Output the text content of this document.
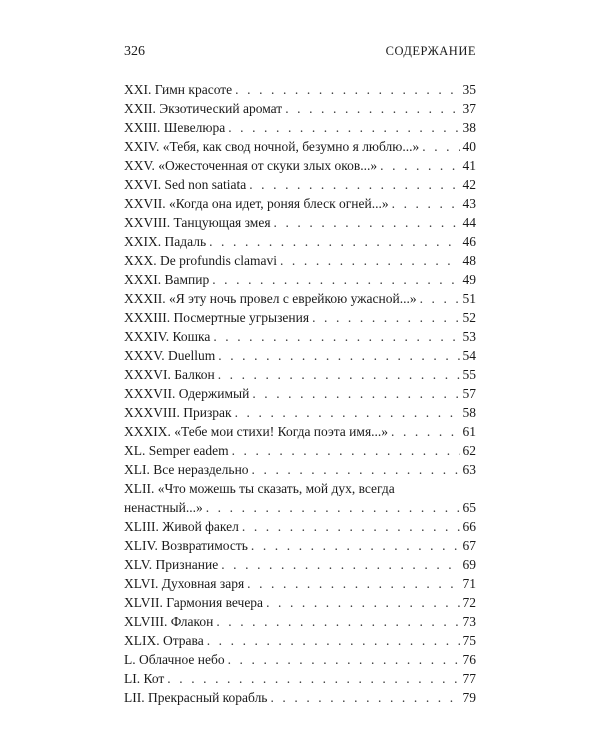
326	СОДЕРЖАНИЕ
XXI. Гимн красоте . . .	35
XXII. Экзотический аромат . . .	37
XXIII. Шевелюра . . .	38
XXIV. «Тебя, как свод ночной, безумно я люблю...» . . .	40
XXV. «Ожесточенная от скуки злых оков...» . . .	41
XXVI. Sed non satiata . . .	42
XXVII. «Когда она идет, роняя блеск огней...» . . .	43
XXVIII. Танцующая змея . . .	44
XXIX. Падаль . . .	46
XXX. De profundis clamavi . . .	48
XXXI. Вампир . . .	49
XXXII. «Я эту ночь провел с еврейкою ужасной...» . . .	51
XXXIII. Посмертные угрызения . . .	52
XXXIV. Кошка . . .	53
XXXV. Duellum . . .	54
XXXVI. Балкон . . .	55
XXXVII. Одержимый . . .	57
XXXVIII. Призрак . . .	58
XXXIX. «Тебе мои стихи! Когда поэта имя...» . . .	61
XL. Semper eadem . . .	62
XLI. Все нераздельно . . .	63
XLII. «Что можешь ты сказать, мой дух, всегда
ненастный...» . . .	65
XLIII. Живой факел . . .	66
XLIV. Возвратимость . . .	67
XLV. Признание . . .	69
XLVI. Духовная заря . . .	71
XLVII. Гармония вечера . . .	72
XLVIII. Флакон . . .	73
XLIX. Отрава . . .	75
L. Облачное небо . . .	76
LI. Кот . . .	77
LII. Прекрасный корабль . . .	79
